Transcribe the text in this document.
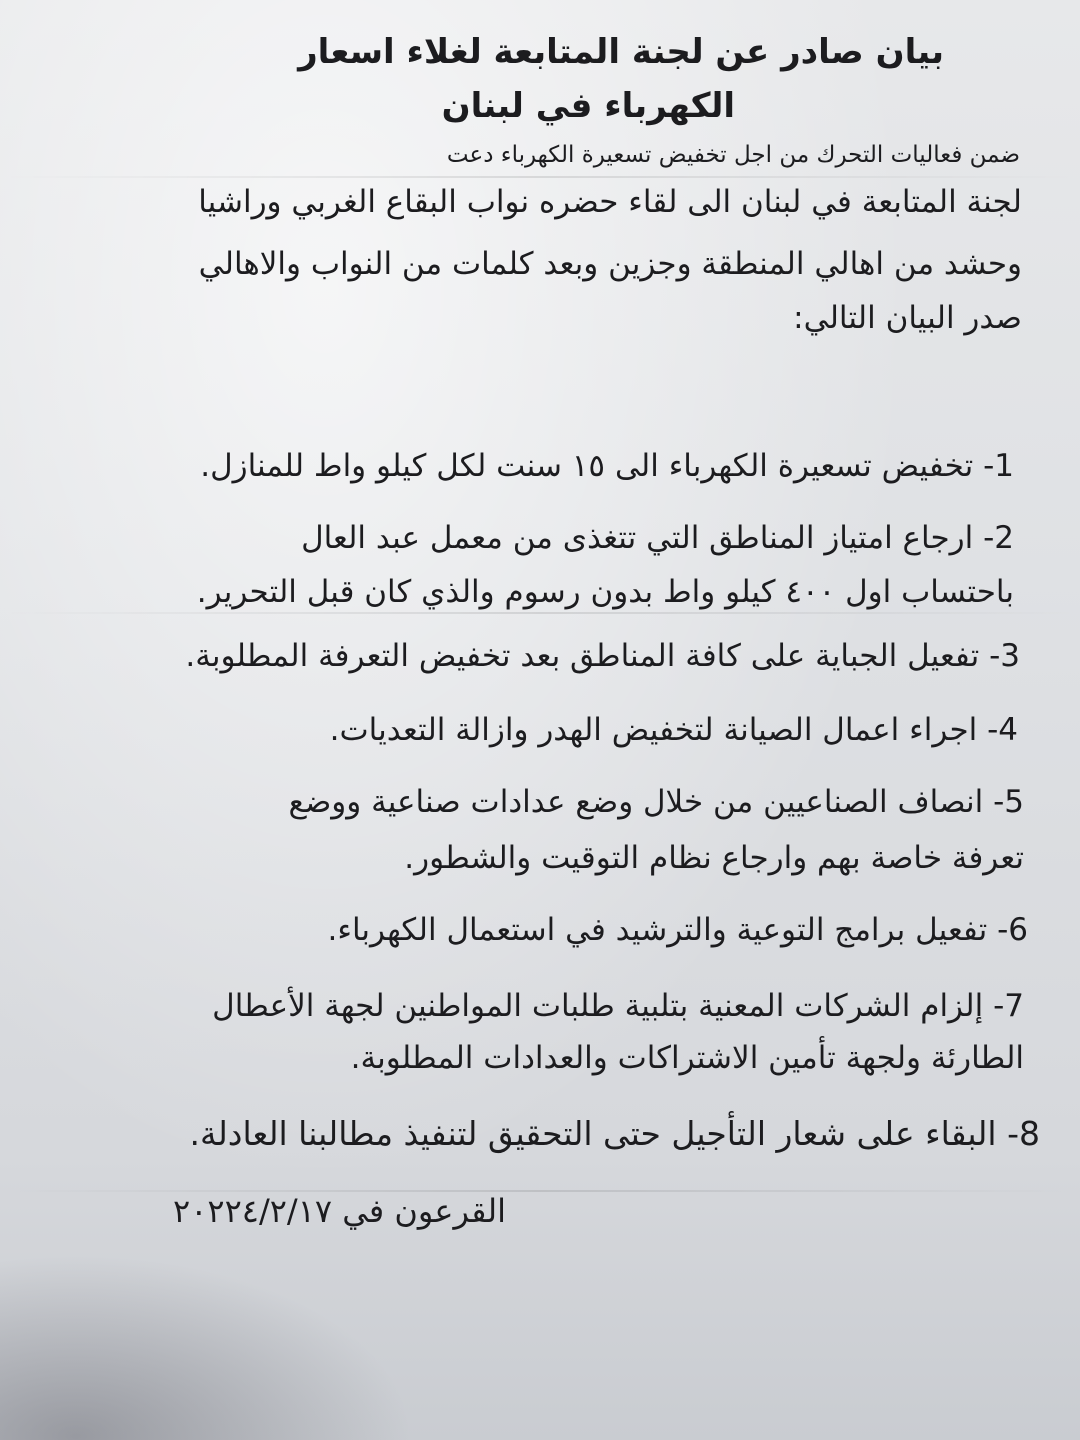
بيان صادر عن لجنة المتابعة لغلاء اسعار
الكهرباء في لبنان
ضمن فعاليات التحرك من اجل تخفيض تسعيرة الكهرباء دعت
لجنة المتابعة في لبنان الى لقاء حضره نواب البقاع الغربي وراشيا
وحشد من اهالي المنطقة وجزين وبعد كلمات من النواب والاهالي
صدر البيان التالي:
1- تخفيض تسعيرة الكهرباء الى ١٥ سنت لكل كيلو واط للمنازل.
2- ارجاع امتياز المناطق التي تتغذى من معمل عبد العال
باحتساب اول ٤٠٠ كيلو واط بدون رسوم والذي كان قبل التحرير.
3- تفعيل الجباية على كافة المناطق بعد تخفيض التعرفة المطلوبة.
4- اجراء اعمال الصيانة لتخفيض الهدر وازالة التعديات.
5- انصاف الصناعيين من خلال وضع عدادات صناعية ووضع
تعرفة خاصة بهم وارجاع نظام التوقيت والشطور.
6- تفعيل برامج التوعية والترشيد في استعمال الكهرباء.
7- إلزام الشركات المعنية بتلبية طلبات المواطنين لجهة الأعطال
الطارئة ولجهة تأمين الاشتراكات والعدادات المطلوبة.
8- البقاء على شعار التأجيل حتى التحقيق لتنفيذ مطالبنا العادلة.
القرعون في ٢٠٢٢٤/٢/١٧
